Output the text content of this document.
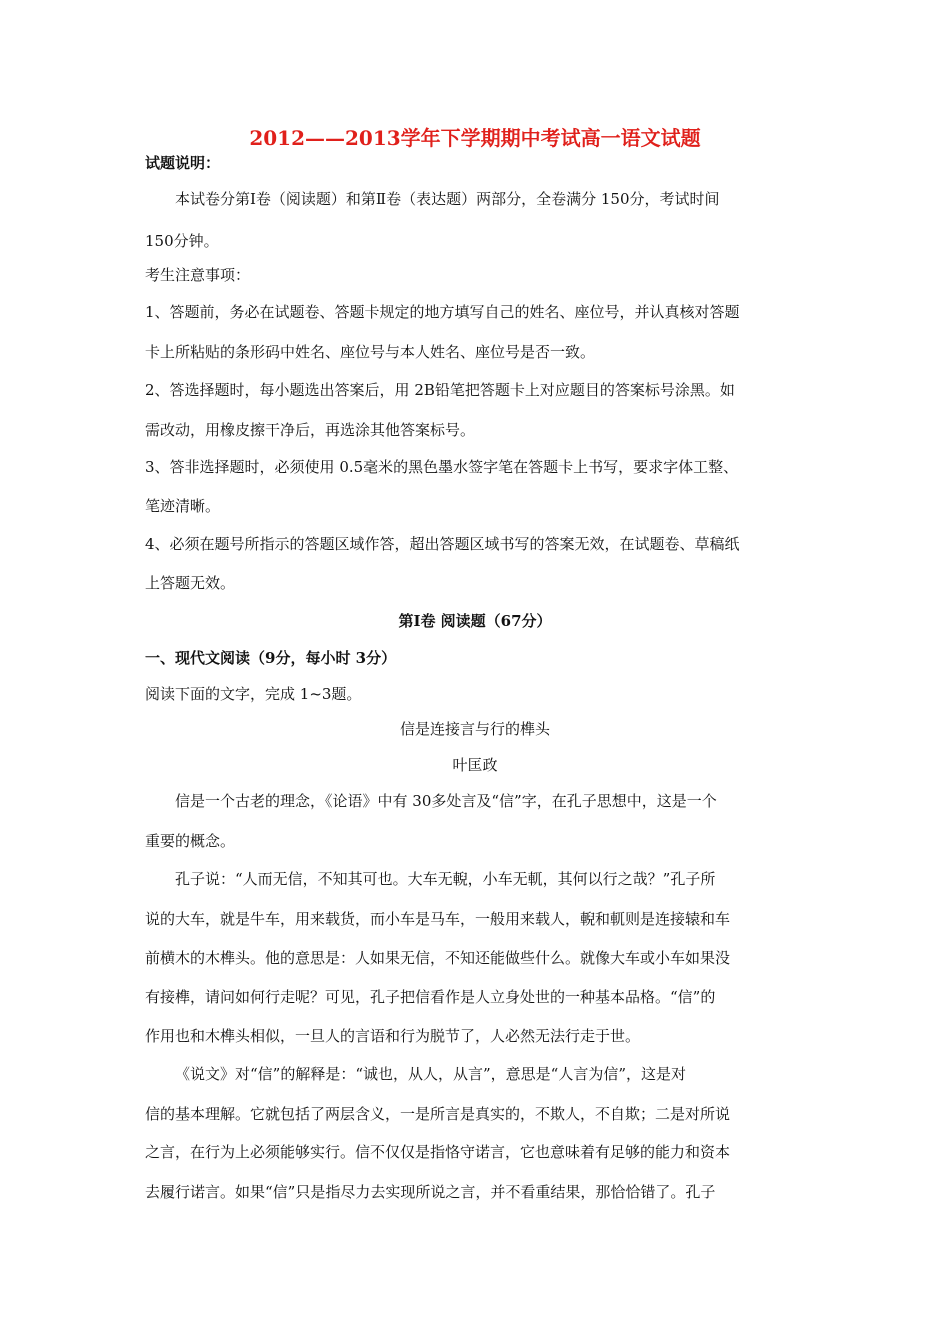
2012——2013学年下学期期中考试高一语文试题
试题说明：
本试卷分第Ⅰ卷（阅读题）和第Ⅱ卷（表达题）两部分，全卷满分 150分，考试时间
150分钟。
考生注意事项：
1、答题前，务必在试题卷、答题卡规定的地方填写自己的姓名、座位号，并认真核对答题
卡上所粘贴的条形码中姓名、座位号与本人姓名、座位号是否一致。
2、答选择题时，每小题选出答案后，用 2B铅笔把答题卡上对应题目的答案标号涂黑。如
需改动，用橡皮擦干净后，再选涂其他答案标号。
3、答非选择题时，必须使用 0.5毫米的黑色墨水签字笔在答题卡上书写，要求字体工整、
笔迹清晰。
4、必须在题号所指示的答题区域作答，超出答题区域书写的答案无效，在试题卷、草稿纸
上答题无效。
第Ⅰ卷 阅读题（67分）
一、现代文阅读（9分，每小时 3分）
阅读下面的文字，完成 1~3题。
信是连接言与行的榫头
叶匡政
信是一个古老的理念，《论语》中有 30多处言及“信”字，在孔子思想中，这是一个
重要的概念。
孔子说：“人而无信，不知其可也。大车无輗，小车无軏，其何以行之哉？”孔子所
说的大车，就是牛车，用来载货，而小车是马车，一般用来载人，輗和軏则是连接辕和车
前横木的木榫头。他的意思是：人如果无信，不知还能做些什么。就像大车或小车如果没
有接榫，请问如何行走呢？可见，孔子把信看作是人立身处世的一种基本品格。“信”的
作用也和木榫头相似，一旦人的言语和行为脱节了，人必然无法行走于世。
《说文》对“信”的解释是：“诚也，从人，从言”，意思是“人言为信”，这是对
信的基本理解。它就包括了两层含义，一是所言是真实的，不欺人，不自欺；二是对所说
之言，在行为上必须能够实行。信不仅仅是指恪守诺言，它也意味着有足够的能力和资本
去履行诺言。如果“信”只是指尽力去实现所说之言，并不看重结果，那恰恰错了。孔子
